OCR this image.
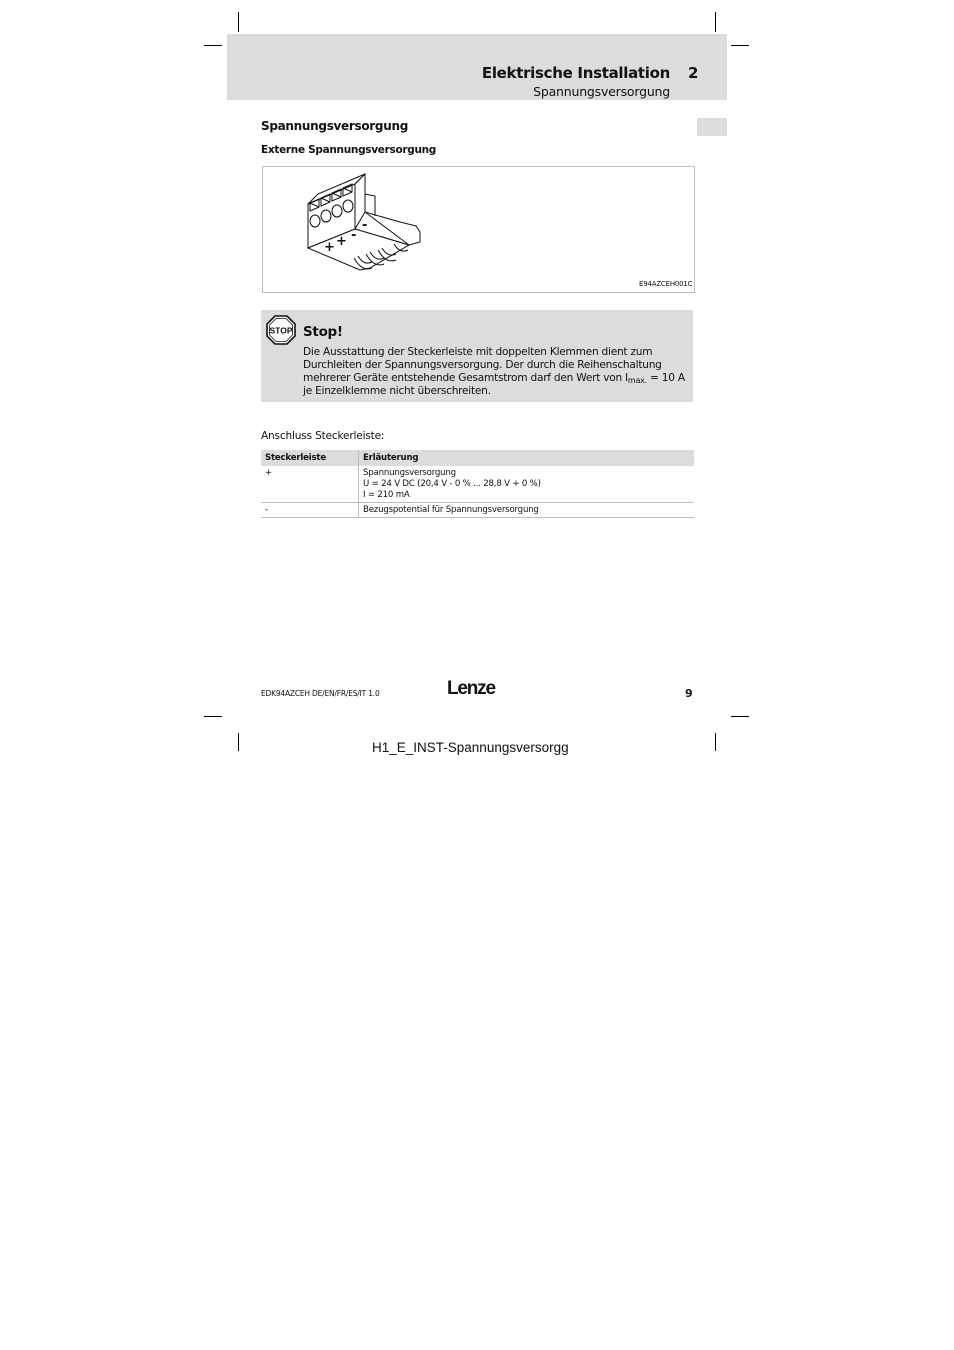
Elektrische Installation 2
Spannungsversorgung
Spannungsversorgung
Externe Spannungsversorgung
+ + -
-
E94AZCEH001C
STOP Stop!
Die Ausstattung der Steckerleiste mit doppelten Klemmen dient zum Durchleiten der Spannungsversorgung. Der durch die Reihenschaltung mehrerer Geräte entstehende Gesamtstrom darf den Wert von $I_{max.} = 10$ A je Einzelklemme nicht überschreiten.
Anschluss Steckerleiste:
Steckerleiste	Erläuterung
+	Spannungsversorgung
U = 24 V DC (20,4 V - 0 % ... 28,8 V + 0 %)
I = 210 mA

-	Bezugspotential für Spannungsversorgung
EDK94AZCEH DE/EN/FR/ES/IT 1.0	Lenze	9
H1_E_INST-Spannungsversorgg
